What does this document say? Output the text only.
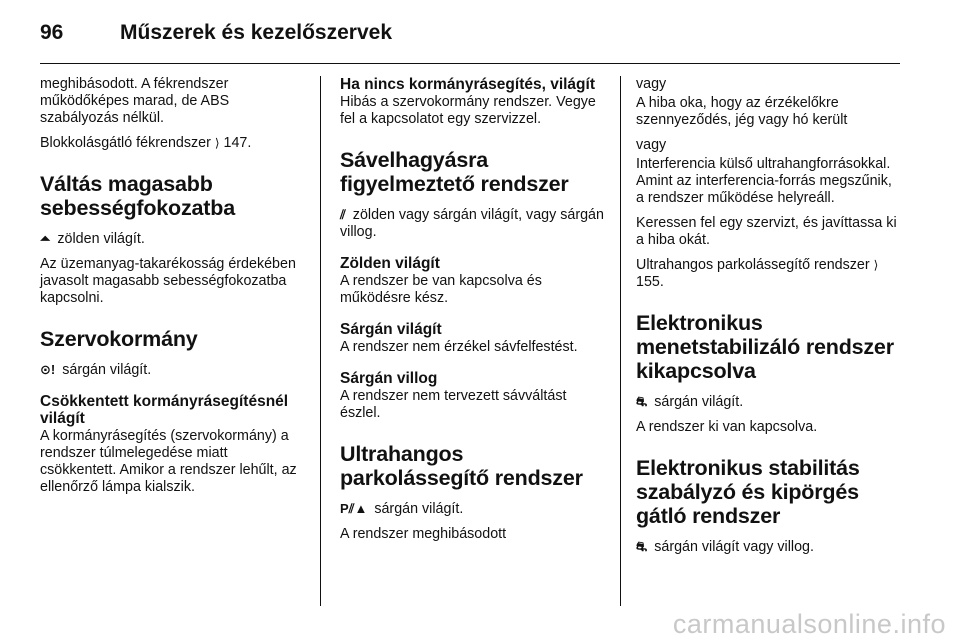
96	Műszerek és kezelőszervek

meghibásodott. A fékrendszer működőképes marad, de ABS szabályozás nélkül.

Blokkolásgátló fékrendszer ⟩ 147.

Váltás magasabb sebességfokozatba

⏶ zölden világít.

Az üzemanyag-takarékosság érdekében javasolt magasabb sebességfokozatba kapcsolni.

Szervokormány

⊙! sárgán világít.

Csökkentett kormányrásegítésnél világít

A kormányrásegítés (szervokormány) a rendszer túlmelegedése miatt csökkentett. Amikor a rendszer lehűlt, az ellenőrző lámpa kialszik.

Ha nincs kormányrásegítés, világít

Hibás a szervokormány rendszer. Vegye fel a kapcsolatot egy szervizzel.

Sávelhagyásra figyelmeztető rendszer

⫽ zölden vagy sárgán világít, vagy sárgán villog.

Zölden világít

A rendszer be van kapcsolva és működésre kész.

Sárgán világít

A rendszer nem érzékel sávfelfestést.

Sárgán villog

A rendszer nem tervezett sávváltást észlel.

Ultrahangos parkolássegítő rendszer

P⫽▲ sárgán világít.

A rendszer meghibásodott

vagy

A hiba oka, hogy az érzékelőkre szennyeződés, jég vagy hó került

vagy

Interferencia külső ultrahangforrásokkal. Amint az interferencia-forrás megszűnik, a rendszer működése helyreáll.

Keressen fel egy szervizt, és javíttassa ki a hiba okát.

Ultrahangos parkolássegítő rendszer ⟩ 155.

Elektronikus menetstabilizáló rendszer kikapcsolva

⛐ sárgán világít.

A rendszer ki van kapcsolva.

Elektronikus stabilitás szabályzó és kipörgés gátló rendszer

⛐ sárgán világít vagy villog.

carmanualsonline.info
